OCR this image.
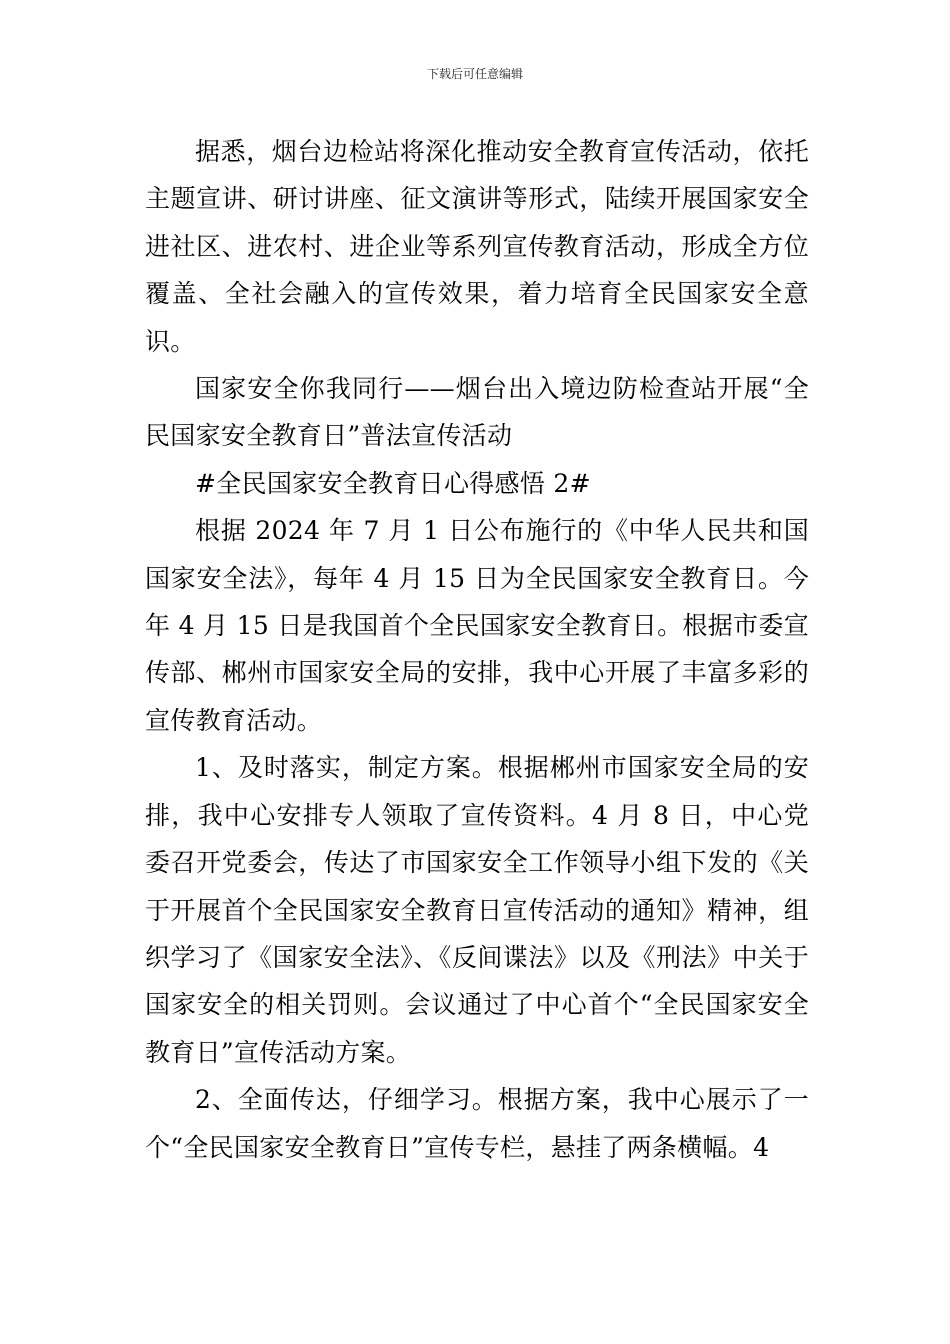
下载后可任意编辑

据悉，烟台边检站将深化推动安全教育宣传活动，依托主题宣讲、研讨讲座、征文演讲等形式，陆续开展国家安全进社区、进农村、进企业等系列宣传教育活动，形成全方位覆盖、全社会融入的宣传效果，着力培育全民国家安全意识。

国家安全你我同行——烟台出入境边防检查站开展“全民国家安全教育日”普法宣传活动

#全民国家安全教育日心得感悟 2#

根据 2024 年 7 月 1 日公布施行的《中华人民共和国国家安全法》，每年 4 月 15 日为全民国家安全教育日。今年 4 月 15 日是我国首个全民国家安全教育日。根据市委宣传部、郴州市国家安全局的安排，我中心开展了丰富多彩的宣传教育活动。

1、及时落实，制定方案。根据郴州市国家安全局的安排，我中心安排专人领取了宣传资料。4 月 8 日，中心党委召开党委会，传达了市国家安全工作领导小组下发的《关于开展首个全民国家安全教育日宣传活动的通知》精神，组织学习了《国家安全法》、《反间谍法》以及《刑法》中关于国家安全的相关罚则。会议通过了中心首个“全民国家安全教育日”宣传活动方案。

2、全面传达，仔细学习。根据方案，我中心展示了一个“全民国家安全教育日”宣传专栏，悬挂了两条横幅。4
